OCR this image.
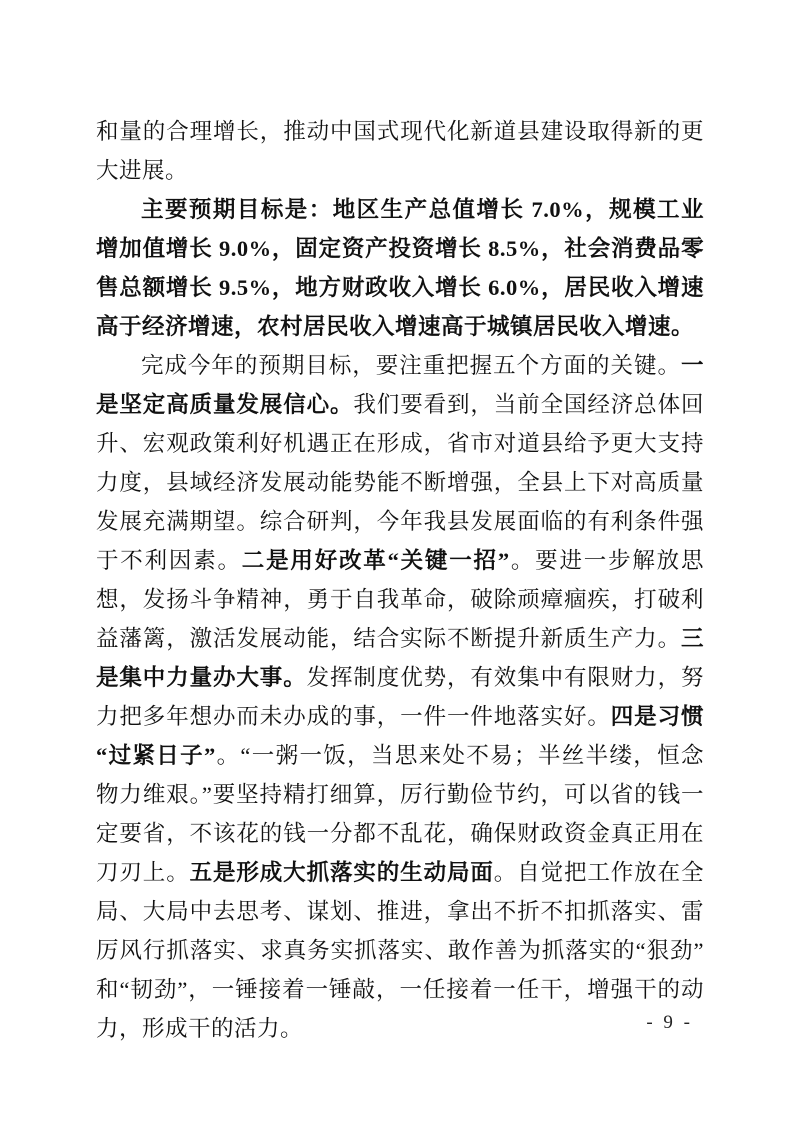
和量的合理增长，推动中国式现代化新道县建设取得新的更大进展。

主要预期目标是：地区生产总值增长 7.0%，规模工业增加值增长 9.0%，固定资产投资增长 8.5%，社会消费品零售总额增长 9.5%，地方财政收入增长 6.0%，居民收入增速高于经济增速，农村居民收入增速高于城镇居民收入增速。

完成今年的预期目标，要注重把握五个方面的关键。一是坚定高质量发展信心。我们要看到，当前全国经济总体回升、宏观政策利好机遇正在形成，省市对道县给予更大支持力度，县域经济发展动能势能不断增强，全县上下对高质量发展充满期望。综合研判，今年我县发展面临的有利条件强于不利因素。二是用好改革“关键一招”。要进一步解放思想，发扬斗争精神，勇于自我革命，破除顽瘴痼疾，打破利益藩篱，激活发展动能，结合实际不断提升新质生产力。三是集中力量办大事。发挥制度优势，有效集中有限财力，努力把多年想办而未办成的事，一件一件地落实好。四是习惯“过紧日子”。“一粥一饭，当思来处不易；半丝半缕，恒念物力维艰。”要坚持精打细算，厉行勤俭节约，可以省的钱一定要省，不该花的钱一分都不乱花，确保财政资金真正用在刀刃上。五是形成大抓落实的生动局面。自觉把工作放在全局、大局中去思考、谋划、推进，拿出不折不扣抓落实、雷厉风行抓落实、求真务实抓落实、敢作善为抓落实的“狠劲”和“韧劲”，一锤接着一锤敲，一任接着一任干，增强干的动力，形成干的活力。	- 9 -
